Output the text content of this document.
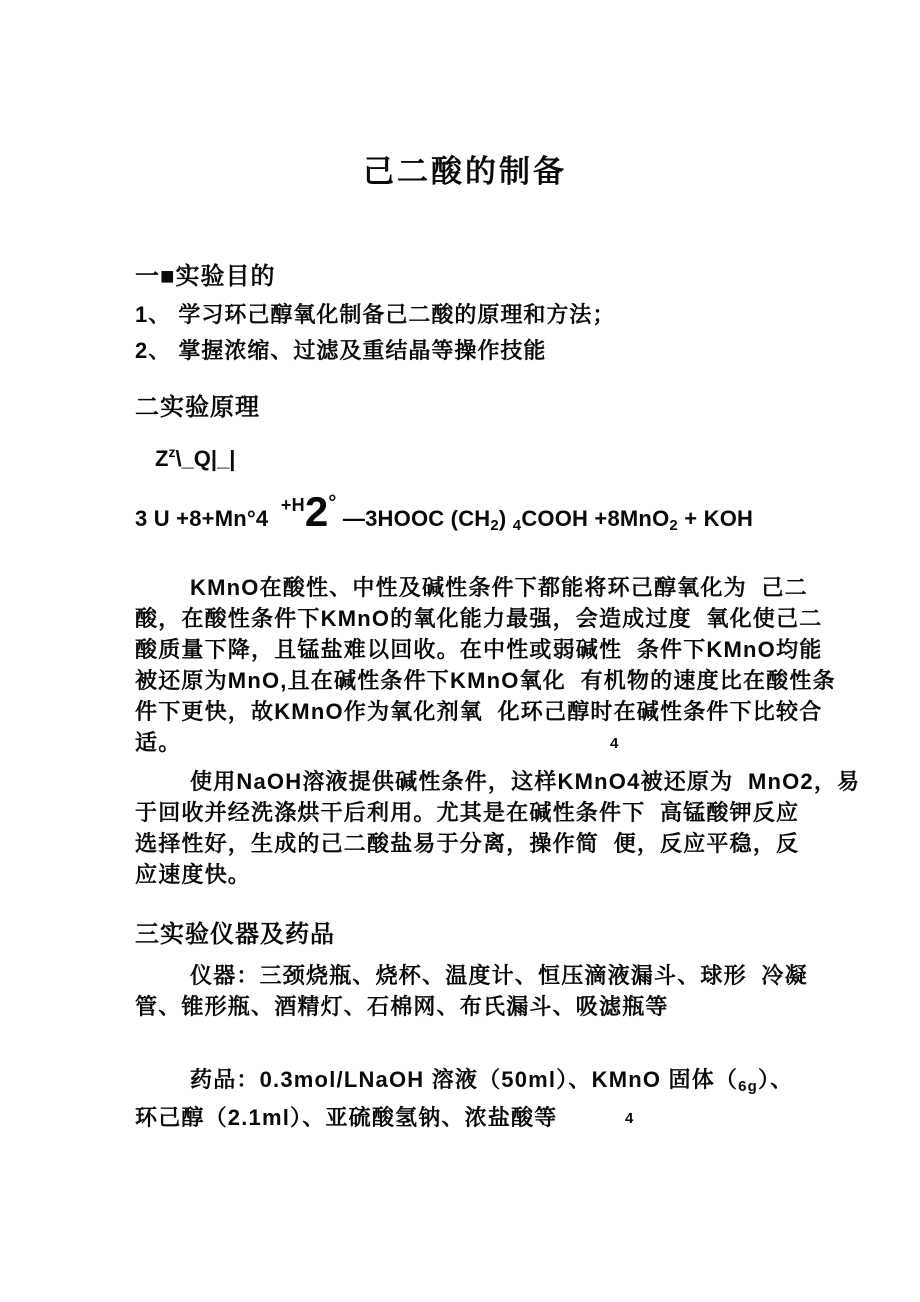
己二酸的制备
一■实验目的
1、 学习环己醇氧化制备己二酸的原理和方法；
2、 掌握浓缩、过滤及重结晶等操作技能
二实验原理
$Z^z\backslash\_Q|\_|$
3 U +8+Mn°4  $^{+H}$2° —3HOOC $(CH_2)$ $_4$COOH +8MnO$_2$ + KOH
KMnO在酸性、中性及碱性条件下都能将环己醇氧化为  己二
酸，在酸性条件下KMnO的氧化能力最强，会造成过度  氧化使己二
酸质量下降，且锰盐难以回收。在中性或弱碱性  条件下KMnO均能
被还原为MnO,且在碱性条件下KMnO氧化  有机物的速度比在酸性条
件下更快，故KMnO作为氧化剂氧  化环己醇时在碱性条件下比较合
适。	4
使用NaOH溶液提供碱性条件，这样KMnO4被还原为  MnO2，易
于回收并经洗涤烘干后利用。尤其是在碱性条件下  高锰酸钾反应
选择性好，生成的己二酸盐易于分离，操作简  便，反应平稳，反
应速度快。
三实验仪器及药品
仪器：三颈烧瓶、烧杯、温度计、恒压滴液漏斗、球形  冷凝
管、锥形瓶、酒精灯、石棉网、布氏漏斗、吸滤瓶等
药品：0.3mol/LNaOH 溶液（50ml）、KMnO 固体（6g）、
环己醇（2.1ml）、亚硫酸氢钠、浓盐酸等	4
